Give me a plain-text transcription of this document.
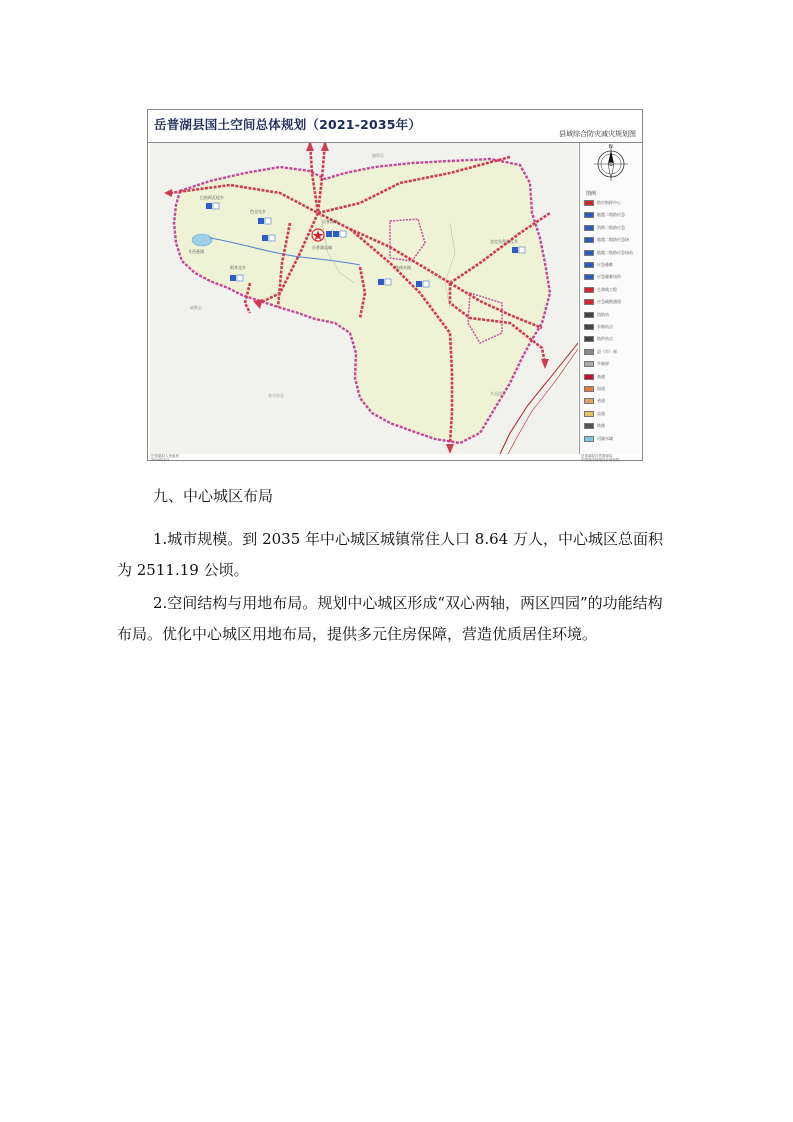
岳普湖县国土空间总体规划（2021-2035年）
县域综合防灾减灾规划图
岳普湖镇
铁热木镇
色也克乡
阿其克乡
巴依阿瓦提乡
也克先拜巴扎乡
艾西曼湖
岳普湖县城
伽师县
疏勒县
英吉沙县	麦盖提县
N
图例
防灾指挥中心
地震二级防应急
消防二级防应急
地震二级防应急场
地震二级防应急场站
应急避难
应急避难场所
生命线工程
应急疏散通道
消防站
乡镇站点
防洪站点
县（市）界
乡镇界
高速
国道
省道
县道
铁路
河湖水域
岳普湖县人民政府
2024年3月
岳普湖县自然资源局
中国城市规划设计研究院
九、中心城区布局
1.城市规模。到 2035 年中心城区城镇常住人口 8.64 万人，中心城区总面积为 2511.19 公顷。
2.空间结构与用地布局。规划中心城区形成“双心两轴，两区四园”的功能结构布局。优化中心城区用地布局，提供多元住房保障，营造优质居住环境。
